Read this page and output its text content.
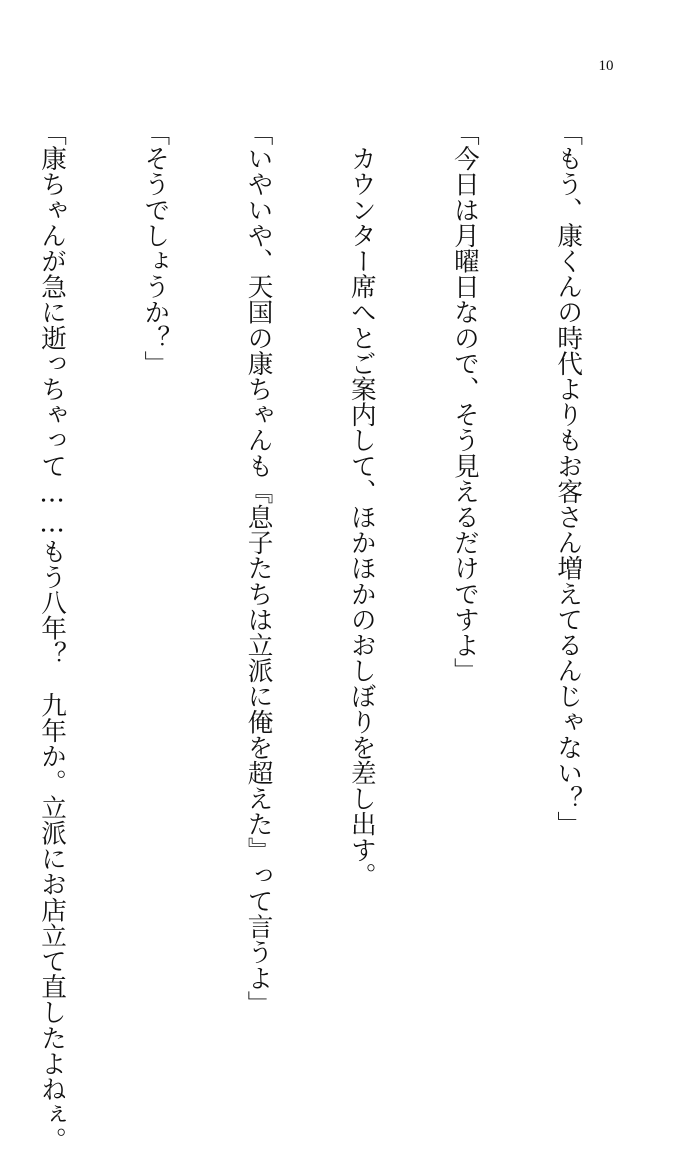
10

「もう、康くんの時代よりもお客さん増えてるんじゃない？」

「今日は月曜日なので、そう見えるだけですよ」

　カウンター席へとご案内して、ほかほかのおしぼりを差し出す。

「いやいや、天国の康ちゃんも『息子たちは立派に俺を超えた』って言うよ」

「そうでしょうか？」

「康ちゃんが急に逝っちゃって……もう八年？　九年か。立派にお店立て直したよねぇ。
